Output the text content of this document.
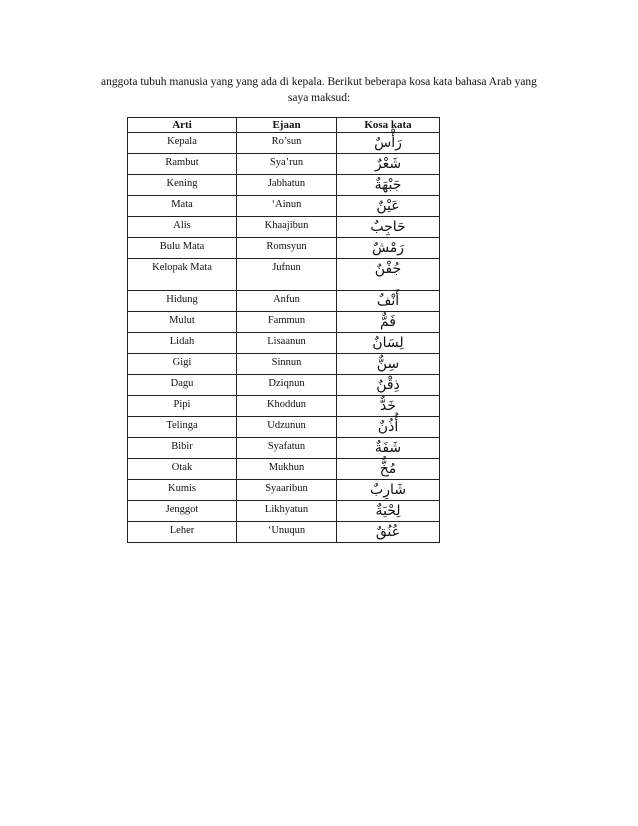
anggota tubuh manusia yang yang ada di kepala. Berikut beberapa kosa kata bahasa Arab yang
saya maksud:
Arti	Ejaan	Kosa kata
Kepala	Ro’sun	رَأْسٌ
Rambut	Sya’run	شَعْرٌ
Kening	Jabhatun	جَبْهَةٌ
Mata	‘Ainun	عَيْنٌ
Alis	Khaajibun	حَاجِبٌ
Bulu Mata	Romsyun	رَمْشٌ
Kelopak Mata	Jufnun	جُفْنٌ
Hidung	Anfun	أَنْفٌ
Mulut	Fammun	فَمٌّ
Lidah	Lisaanun	لِسَانٌ
Gigi	Sinnun	سِنٌّ
Dagu	Dziqnun	ذِقْنٌ
Pipi	Khoddun	خَدٌّ
Telinga	Udzunun	أُذُنٌ
Bibir	Syafatun	شَفَةٌ
Otak	Mukhun	مُخٌّ
Kumis	Syaaribun	شَارِبٌ
Jenggot	Likhyatun	لِحْيَةٌ
Leher	‘Unuqun	عُنُقٌ
